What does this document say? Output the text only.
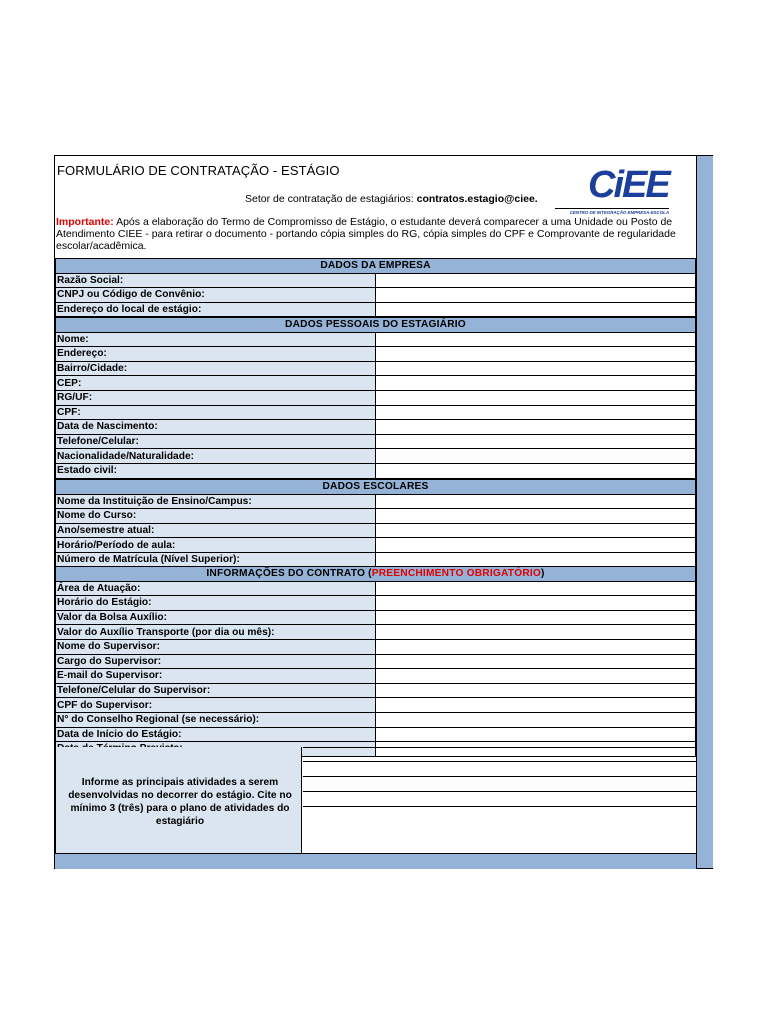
FORMULÁRIO DE CONTRATAÇÃO - ESTÁGIO
Setor de contratação de estagiários: contratos.estagio@ciee. CiEE
CENTRO DE INTEGRAÇÃO EMPRESA-ESCOLA
Importante: Após a elaboração do Termo de Compromisso de Estágio, o estudante deverá comparecer a uma Unidade ou Posto de Atendimento CIEE - para retirar o documento - portando cópia simples do RG, cópia simples do CPF e Comprovante de regularidade escolar/acadêmica.
DADOS DA EMPRESA	
Razão Social:	
CNPJ ou Código de Convênio:	
Endereço do local de estágio:	
DADOS PESSOAIS DO ESTAGIÁRIO	
Nome:	
Endereço:	
Bairro/Cidade:	
CEP:	
RG/UF:	
CPF:	
Data de Nascimento:	
Telefone/Celular:	
Nacionalidade/Naturalidade:	
Estado civil:	
DADOS ESCOLARES	
Nome da Instituição de Ensino/Campus:	
Nome do Curso:	
Ano/semestre atual:	
Horário/Período de aula:	
Número de Matrícula (Nível Superior):	
INFORMAÇÕES DO CONTRATO (PREENCHIMENTO OBRIGATÓRIO)	
Área de Atuação:	
Horário do Estágio:	
Valor da Bolsa Auxílio:	
Valor do Auxílio Transporte (por dia ou mês):	
Nome do Supervisor:	
Cargo do Supervisor:	
E-mail do Supervisor:	
Telefone/Celular do Supervisor:	
CPF do Supervisor:	
N° do Conselho Regional (se necessário):	
Data de Início do Estágio:	

Informe as principais atividades a serem desenvolvidas no decorrer do estágio. Cite no mínimo 3 (três) para o plano de atividades do estagiário
